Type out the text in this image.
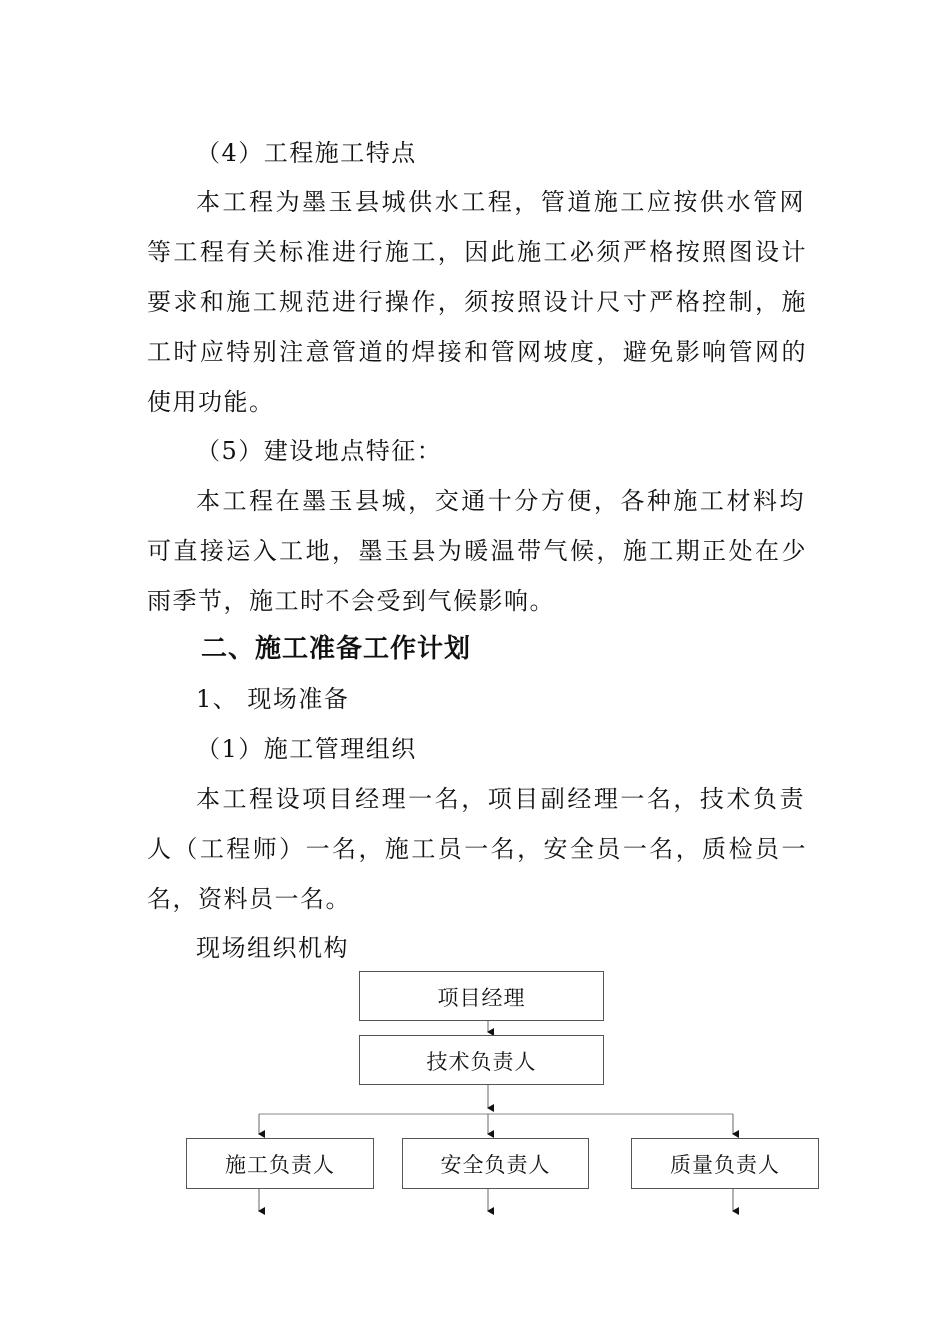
（4）工程施工特点
本工程为墨玉县城供水工程，管道施工应按供水管网
等工程有关标准进行施工，因此施工必须严格按照图设计
要求和施工规范进行操作，须按照设计尺寸严格控制，施
工时应特别注意管道的焊接和管网坡度，避免影响管网的
使用功能。
（5）建设地点特征：
本工程在墨玉县城，交通十分方便，各种施工材料均
可直接运入工地，墨玉县为暖温带气候，施工期正处在少
雨季节，施工时不会受到气候影响。
二、施工准备工作计划
1、 现场准备
（1）施工管理组织
本工程设项目经理一名，项目副经理一名，技术负责
人（工程师）一名，施工员一名，安全员一名，质检员一
名，资料员一名。
现场组织机构
项目经理
技术负责人
施工负责人	安全负责人	质量负责人
